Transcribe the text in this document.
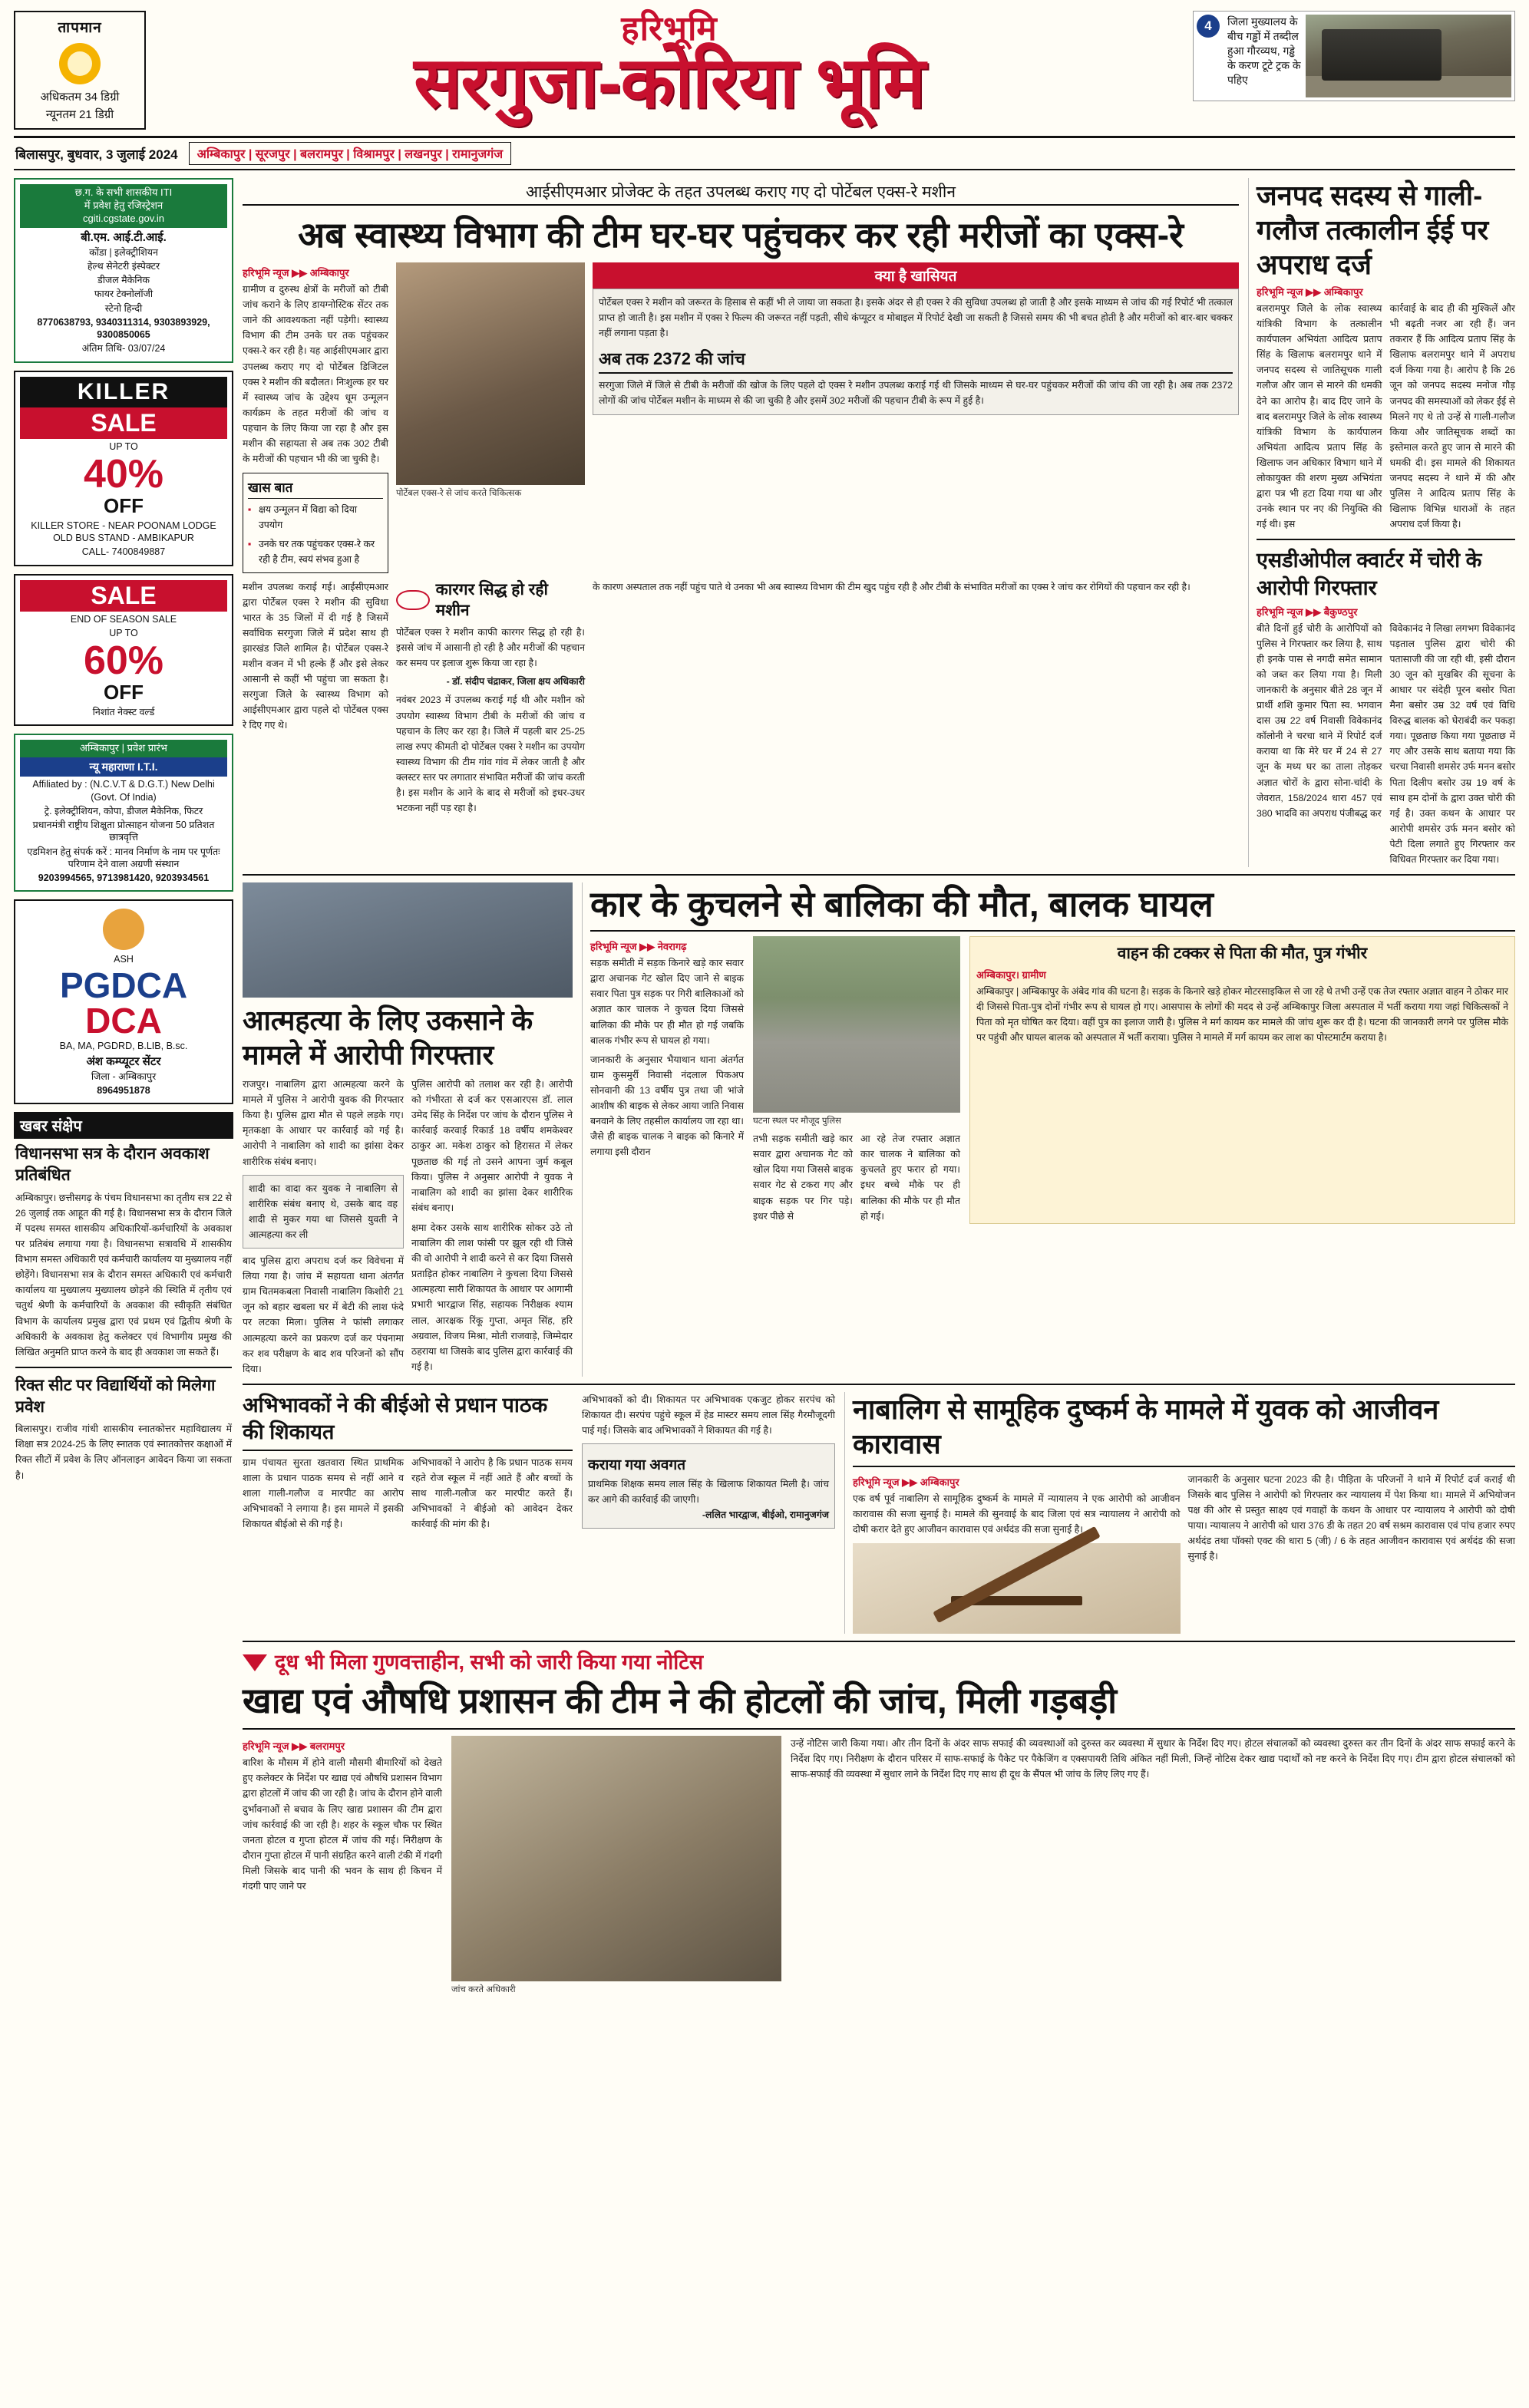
तापमान
अधिकतम 34 डिग्री
न्यूनतम 21 डिग्री
हरिभूमि
सरगुजा-कोरिया भूमि
4	जिला मुख्यालय के बीच गड्ढों में तब्दील हुआ गौरव्यथ, गड्ढे के करण टूटे ट्रक के पहिए
बिलासपुर, बुधवार, 3 जुलाई 2024	अम्बिकापुर | सूरजपुर | बलरामपुर | विश्रामपुर | लखनपुर | रामानुजगंज
छ.ग. के सभी शासकीय ITI
में प्रवेश हेतु रजिस्ट्रेशन
cgiti.cgstate.gov.in
बी.एम. आई.टी.आई.

कोंडा | इलेक्ट्रीशियन

हेल्थ सेनेटरी इंस्पेक्टर

डीजल मैकेनिक

फायर टेक्नोलॉजी

स्टेनो हिन्दी

8770638793, 9340311314, 9303893929, 9300850065

अंतिम तिथि- 03/07/24

KILLER
SALE

UP TO

40%
OFF

KILLER STORE - NEAR POONAM LODGE OLD BUS STAND - AMBIKAPUR

CALL- 7400849887

SALE

END OF SEASON SALE

UP TO

60%
OFF

निशांत नेक्स्ट वर्ल्ड

अम्बिकापुर | प्रवेश प्रारंभ
न्यू महाराणा I.T.I.

Affiliated by : (N.C.V.T & D.G.T.) New Delhi (Govt. Of India)

ट्रे. इलेक्ट्रीशियन, कोपा, डीजल मैकेनिक, फिटर

प्रधानमंत्री राष्ट्रीय शिक्षुता प्रोत्साहन योजना 50 प्रतिशत छात्रवृत्ति

एडमिशन हेतु संपर्क करें : मानव निर्माण के नाम पर पूर्णतः परिणाम देने वाला अग्रणी संस्थान

9203994565, 9713981420, 9203934561

ASH

PGDCA
DCA

BA, MA, PGDRD, B.LIB, B.sc.

अंश कम्प्यूटर सेंटर

जिला - अम्बिकापुर

8964951878

खबर संक्षेप
विधानसभा सत्र के दौरान अवकाश प्रतिबंधित
अम्बिकापुर। छत्तीसगढ़ के पंचम विधानसभा का तृतीय सत्र 22 से 26 जुलाई तक आहूत की गई है। विधानसभा सत्र के दौरान जिले में पदस्थ समस्त शासकीय अधिकारियों-कर्मचारियों के अवकाश पर प्रतिबंध लगाया गया है। विधानसभा सत्रावधि में शासकीय विभाग समस्त अधिकारी एवं कर्मचारी कार्यालय या मुख्यालय नहीं छोड़ेंगे। विधानसभा सत्र के दौरान समस्त अधिकारी एवं कर्मचारी कार्यालय या मुख्यालय मुख्यालय छोड़ने की स्थिति में तृतीय एवं चतुर्थ श्रेणी के कर्मचारियों के अवकाश की स्वीकृति संबंधित विभाग के कार्यालय प्रमुख द्वारा एवं प्रथम एवं द्वितीय श्रेणी के अधिकारी के अवकाश हेतु कलेक्टर एवं विभागीय प्रमुख की लिखित अनुमति प्राप्त करने के बाद ही अवकाश जा सकते हैं।
रिक्त सीट पर विद्यार्थियों को मिलेगा प्रवेश
बिलासपुर। राजीव गांधी शासकीय स्नातकोत्तर महाविद्यालय में शिक्षा सत्र 2024-25 के लिए स्नातक एवं स्नातकोत्तर कक्षाओं में रिक्त सीटों में प्रवेश के लिए ऑनलाइन आवेदन किया जा सकता है।
आईसीएमआर प्रोजेक्ट के तहत उपलब्ध कराए गए दो पोर्टेबल एक्स-रे मशीन
अब स्वास्थ्य विभाग की टीम घर-घर पहुंचकर कर रही मरीजों का एक्स-रे
हरिभूमि न्यूज ▶▶ अम्बिकापुर
ग्रामीण व दुरुस्थ क्षेत्रों के मरीजों को टीबी जांच कराने के लिए डायग्नोस्टिक सेंटर तक जाने की आवश्यकता नहीं पड़ेगी। स्वास्थ्य विभाग की टीम उनके घर तक पहुंचकर एक्स-रे कर रही है। यह आईसीएमआर द्वारा उपलब्ध कराए गए दो पोर्टेबल डिजिटल एक्स रे मशीन की बदौलत। निःशुल्क हर घर में स्वास्थ्य जांच के उद्देश्य धूम उन्मूलन कार्यक्रम के तहत मरीजों की जांच व पहचान के लिए किया जा रहा है और इस मशीन की सहायता से अब तक 302 टीबी के मरीजों की पहचान भी की जा चुकी है।
खास बात
▪ क्षय उन्मूलन में विद्या को दिया उपयोग
▪ उनके घर तक पहुंचकर एक्स-रे कर रही है टीम, स्वयं संभव हुआ है
पोर्टेबल एक्स-रे से जांच करते चिकित्सक
क्या है खासियत
पोर्टेबल एक्स रे मशीन को जरूरत के हिसाब से कहीं भी ले जाया जा सकता है। इसके अंदर से ही एक्स रे की सुविधा उपलब्ध हो जाती है और इसके माध्यम से जांच की गई रिपोर्ट भी तत्काल प्राप्त हो जाती है। इस मशीन में एक्स रे फिल्म की जरूरत नहीं पड़ती, सीधे कंप्यूटर व मोबाइल में रिपोर्ट देखी जा सकती है जिससे समय की भी बचत होती है और मरीजों को बार-बार चक्कर नहीं लगाना पड़ता है।
अब तक 2372 की जांच
सरगुजा जिले में जिले से टीबी के मरीजों की खोज के लिए पहले दो एक्स रे मशीन उपलब्ध कराई गई थी जिसके माध्यम से घर-घर पहुंचकर मरीजों की जांच की जा रही है। अब तक 2372 लोगों की जांच पोर्टेबल मशीन के माध्यम से की जा चुकी है और इसमें 302 मरीजों की पहचान टीबी के रूप में हुई है।
मशीन उपलब्ध कराई गई। आईसीएमआर द्वारा पोर्टेबल एक्स रे मशीन की सुविधा भारत के 35 जिलों में दी गई है जिसमें सर्वाधिक सरगुजा जिले में प्रदेश साथ ही झारखंड जिले शामिल है। पोर्टेबल एक्स-रे मशीन वजन में भी हल्के हैं और इसे लेकर आसानी से कहीं भी पहुंचा जा सकता है। सरगुजा जिले के स्वास्थ्य विभाग को आईसीएमआर द्वारा पहले दो पोर्टेबल एक्स रे दिए गए थे।
कारगर सिद्ध हो रही मशीन
पोर्टेबल एक्स रे मशीन काफी कारगर सिद्ध हो रही है। इससे जांच में आसानी हो रही है और मरीजों की पहचान कर समय पर इलाज शुरू किया जा रहा है।
- डॉ. संदीप चंद्राकर, जिला क्षय अधिकारी
नवंबर 2023 में उपलब्ध कराई गई थी और मशीन को उपयोग स्वास्थ्य विभाग टीबी के मरीजों की जांच व पहचान के लिए कर रहा है। जिले में पहली बार 25-25 लाख रुपए कीमती दो पोर्टेबल एक्स रे मशीन का उपयोग स्वास्थ्य विभाग की टीम गांव गांव में लेकर जाती है और क्लस्टर स्तर पर लगातार संभावित मरीजों की जांच करती है। इस मशीन के आने के बाद से मरीजों को इधर-उधर भटकना नहीं पड़ रहा है।
के कारण अस्पताल तक नहीं पहुंच पाते थे उनका भी अब स्वास्थ्य विभाग की टीम खुद पहुंच रही है और टीबी के संभावित मरीजों का एक्स रे जांच कर रोगियों की पहचान कर रही है।
जनपद सदस्य से गाली-गलौज तत्कालीन ईई पर अपराध दर्ज
हरिभूमि न्यूज ▶▶ अम्बिकापुर
बलरामपुर जिले के लोक स्वास्थ्य यांत्रिकी विभाग के तत्कालीन कार्यपालन अभियंता आदित्य प्रताप सिंह के खिलाफ बलरामपुर थाने में जनपद सदस्य से जातिसूचक गाली गलौज और जान से मारने की धमकी देने का आरोप है। बाद दिए जाने के बाद बलरामपुर जिले के लोक स्वास्थ्य यांत्रिकी विभाग के कार्यपालन अभियंता आदित्य प्रताप सिंह के खिलाफ जन अधिकार विभाग थाने में लोकायुक्त की शरण मुख्य अभियंता द्वारा पत्र भी हटा दिया गया था और उनके स्थान पर नए की नियुक्ति की गई थी। इस
कार्रवाई के बाद ही की मुश्किलें और भी बढ़ती नजर आ रही हैं। जन तकरार हैं कि आदित्य प्रताप सिंह के खिलाफ बलरामपुर थाने में अपराध दर्ज किया गया है। आरोप है कि 26 जून को जनपद सदस्य मनोज गौड़ जनपद की समस्याओं को लेकर ईई से मिलने गए थे तो उन्हें से गाली-गलौज किया और जातिसूचक शब्दों का इस्तेमाल करते हुए जान से मारने की धमकी दी। इस मामले की शिकायत जनपद सदस्य ने थाने में की और पुलिस ने आदित्य प्रताप सिंह के खिलाफ विभिन्न धाराओं के तहत अपराध दर्ज किया है।
एसडीओपील क्वार्टर में चोरी के आरोपी गिरफ्तार
हरिभूमि न्यूज ▶▶ बैकुण्ठपुर
बीते दिनों हुई चोरी के आरोपियों को पुलिस ने गिरफ्तार कर लिया है, साथ ही इनके पास से नगदी समेत सामान को जब्त कर लिया गया है। मिली जानकारी के अनुसार बीते 28 जून में प्रार्थी शशि कुमार पिता स्व. भगवान दास उम्र 22 वर्ष निवासी विवेकानंद कॉलोनी ने चरचा थाने में रिपोर्ट दर्ज कराया था कि मेरे घर में 24 से 27 जून के मध्य घर का ताला तोड़कर अज्ञात चोरों के द्वारा सोना-चांदी के जेवरात, 158/2024 धारा 457 एवं 380 भादवि का अपराध पंजीबद्ध कर
विवेकानंद ने लिखा लगभग विवेकानंद पड़ताल पुलिस द्वारा चोरी की पतासाजी की जा रही थी, इसी दौरान 30 जून को मुखबिर की सूचना के आधार पर संदेही पूरन बसोर पिता मैना बसोर उम्र 32 वर्ष एवं विधि विरुद्ध बालक को घेराबंदी कर पकड़ा गया। पूछताछ किया गया पूछताछ में गए और उसके साथ बताया गया कि चरचा निवासी शमसेर उर्फ मनन बसोर पिता दिलीप बसोर उम्र 19 वर्ष के साथ हम दोनों के द्वारा उक्त चोरी की गई है। उक्त कथन के आधार पर आरोपी शमसेर उर्फ मनन बसोर को पेटी दिला लगाते हुए गिरफ्तार कर विधिवत गिरफ्तार कर दिया गया।
आत्महत्या के लिए उकसाने के मामले में आरोपी गिरफ्तार
राजपुर। नाबालिग द्वारा आत्महत्या करने के मामले में पुलिस ने आरोपी युवक की गिरफ्तार किया है। पुलिस द्वारा मौत से पहले लड़के गए। मृतकक्षा के आधार पर कार्रवाई को गई है। आरोपी ने नाबालिग को शादी का झांसा देकर शारीरिक संबंध बनाए।
शादी का वादा कर युवक ने नाबालिग से शारीरिक संबंध बनाए थे, उसके बाद वह शादी से मुकर गया था जिससे युवती ने आत्महत्या कर ली
बाद पुलिस द्वारा अपराध दर्ज कर विवेचना में लिया गया है। जांच में सहायता थाना अंतर्गत ग्राम चितमकबला निवासी नाबालिग किशोरी 21 जून को बहार खबला घर में बेटी की लाश फंदे पर लटका मिला। पुलिस ने फांसी लगाकर आत्महत्या करने का प्रकरण दर्ज कर पंचनामा कर शव परीक्षण के बाद शव परिजनों को सौंप दिया।
पुलिस आरोपी को तलाश कर रही है। आरोपी को गंभीरता से दर्ज कर एसआरएस डॉ. लाल उमेद सिंह के निर्देश पर जांच के दौरान पुलिस ने कार्रवाई करवाई रिकार्ड 18 वर्षीय शमकेश्वर ठाकुर आ. मकेश ठाकुर को हिरासत में लेकर पूछताछ की गई तो उसने आपना जुर्म कबूल किया। पुलिस ने अनुसार आरोपी ने युवक ने नाबालिग को शादी का झांसा देकर शारीरिक संबंध बनाए।
क्षमा देकर उसके साथ शारीरिक सोकर उठे तो नाबालिग की लाश फांसी पर झूल रही थी जिसे की वो आरोपी ने शादी करने से कर दिया जिससे प्रताड़ित होकर नाबालिग ने कुचला दिया जिससे आत्महत्या सारी शिकायत के आधार पर आगामी प्रभारी भारद्वाज सिंह, सहायक निरीक्षक श्याम लाल, आरक्षक रिंकू गुप्ता, अमृत सिंह, हरि अग्रवाल, विजय मिश्रा, मोती राजवाड़े, जिम्मेदार ठहराया था जिसके बाद पुलिस द्वारा कार्रवाई की गई है।
कार के कुचलने से बालिका की मौत, बालक घायल
हरिभूमि न्यूज ▶▶ नेवरागढ़
सड़क समीती में सड़क किनारे खड़े कार सवार द्वारा अचानक गेट खोल दिए जाने से बाइक सवार पिता पुत्र सड़क पर गिरी बालिकाओं को अज्ञात कार चालक ने कुचल दिया जिससे बालिका की मौके पर ही मौत हो गई जबकि बालक गंभीर रूप से घायल हो गया।
जानकारी के अनुसार भैयाथान थाना अंतर्गत ग्राम कुसमुर्री निवासी नंदलाल पिकअप सोनवानी की 13 वर्षीय पुत्र तथा जी भांजे आशीष की बाइक से लेकर आया जाति निवास बनवाने के लिए तहसील कार्यालय जा रहा था। जैसे ही बाइक चालक ने बाइक को किनारे में लगाया इसी दौरान
घटना स्थल पर मौजूद पुलिस
तभी सड़क समीती खड़े कार सवार द्वारा अचानक गेट को खोल दिया गया जिससे बाइक सवार गेट से टकरा गए और बाइक सड़क पर गिर पड़े। इधर पीछे से
आ रहे तेज रफ्तार अज्ञात कार चालक ने बालिका को कुचलते हुए फरार हो गया। इधर बच्चे मौके पर ही बालिका की मौके पर ही मौत हो गई।
वाहन की टक्कर से पिता की मौत, पुत्र गंभीर
अम्बिकापुर। ग्रामीण
अम्बिकापुर | अम्बिकापुर के अंबेद गांव की घटना है। सड़क के किनारे खड़े होकर मोटरसाइकिल से जा रहे थे तभी उन्हें एक तेज रफ्तार अज्ञात वाहन ने ठोकर मार दी जिससे पिता-पुत्र दोनों गंभीर रूप से घायल हो गए। आसपास के लोगों की मदद से उन्हें अम्बिकापुर जिला अस्पताल में भर्ती कराया गया जहां चिकित्सकों ने पिता को मृत घोषित कर दिया। वहीं पुत्र का इलाज जारी है। पुलिस ने मर्ग कायम कर मामले की जांच शुरू कर दी है। घटना की जानकारी लगने पर पुलिस मौके पर पहुंची और घायल बालक को अस्पताल में भर्ती कराया। पुलिस ने मामले में मर्ग कायम कर लाश का पोस्टमार्टम कराया है।
अभिभावकों ने की बीईओ से प्रधान पाठक की शिकायत
ग्राम पंचायत सुरता खतवारा स्थित प्राथमिक शाला के प्रधान पाठक समय से नहीं आने व शाला गाली-गलौज व मारपीट का आरोप अभिभावकों ने लगाया है। इस मामले में इसकी शिकायत बीईओ से की गई है।
अभिभावकों ने आरोप है कि प्रधान पाठक समय रहते रोज स्कूल में नहीं आते हैं और बच्चों के साथ गाली-गलौज कर मारपीट करते हैं। अभिभावकों ने बीईओ को आवेदन देकर कार्रवाई की मांग की है।
अभिभावकों को दी। शिकायत पर अभिभावक एकजुट होकर सरपंच को शिकायत दी। सरपंच पहुंचे स्कूल में हेड मास्टर समय लाल सिंह गैरमौजूदगी पाई गई। जिसके बाद अभिभावकों ने शिकायत की गई है।
कराया गया अवगत
प्राथमिक शिक्षक समय लाल सिंह के खिलाफ शिकायत मिली है। जांच कर आगे की कार्रवाई की जाएगी।
-ललित भारद्वाज, बीईओ, रामानुजगंज
नाबालिग से सामूहिक दुष्कर्म के मामले में युवक को आजीवन कारावास
हरिभूमि न्यूज ▶▶ अम्बिकापुर
एक वर्ष पूर्व नाबालिग से सामूहिक दुष्कर्म के मामले में न्यायालय ने एक आरोपी को आजीवन कारावास की सजा सुनाई है। मामले की सुनवाई के बाद जिला एवं सत्र न्यायालय ने आरोपी को दोषी करार देते हुए आजीवन कारावास एवं अर्थदंड की सजा सुनाई है।
जानकारी के अनुसार घटना 2023 की है। पीड़िता के परिजनों ने थाने में रिपोर्ट दर्ज कराई थी जिसके बाद पुलिस ने आरोपी को गिरफ्तार कर न्यायालय में पेश किया था। मामले में अभियोजन पक्ष की ओर से प्रस्तुत साक्ष्य एवं गवाहों के कथन के आधार पर न्यायालय ने आरोपी को दोषी पाया। न्यायालय ने आरोपी को धारा 376 डी के तहत 20 वर्ष सश्रम कारावास एवं पांच हजार रुपए अर्थदंड तथा पॉक्सो एक्ट की धारा 5 (जी) / 6 के तहत आजीवन कारावास एवं अर्थदंड की सजा सुनाई है।
दूध भी मिला गुणवत्ताहीन, सभी को जारी किया गया नोटिस
खाद्य एवं औषधि प्रशासन की टीम ने की होटलों की जांच, मिली गड़बड़ी
हरिभूमि न्यूज ▶▶ बलरामपुर
बारिश के मौसम में होने वाली मौसमी बीमारियों को देखते हुए कलेक्टर के निर्देश पर खाद्य एवं औषधि प्रशासन विभाग द्वारा होटलों में जांच की जा रही है। जांच के दौरान होने वाली दुर्भावनाओं से बचाव के लिए खाद्य प्रशासन की टीम द्वारा जांच कार्रवाई की जा रही है। शहर के स्कूल चौक पर स्थित जनता होटल व गुप्ता होटल में जांच की गई। निरीक्षण के दौरान गुप्ता होटल में पानी संग्रहित करने वाली टंकी में गंदगी मिली जिसके बाद पानी की भवन के साथ ही किचन में गंदगी पाए जाने पर
जांच करते अधिकारी
उन्हें नोटिस जारी किया गया। और तीन दिनों के अंदर साफ सफाई की व्यवस्थाओं को दुरुस्त कर व्यवस्था में सुधार के निर्देश दिए गए। होटल संचालकों को व्यवस्था दुरुस्त कर तीन दिनों के अंदर साफ सफाई करने के निर्देश दिए गए। निरीक्षण के दौरान परिसर में साफ-सफाई के पैकेट पर पैकेजिंग व एक्सपायरी तिथि अंकित नहीं मिली, जिन्हें नोटिस देकर खाद्य पदार्थों को नष्ट करने के निर्देश दिए गए। टीम द्वारा होटल संचालकों को साफ-सफाई की व्यवस्था में सुधार लाने के निर्देश दिए गए साथ ही दूध के सैंपल भी जांच के लिए लिए गए हैं।
